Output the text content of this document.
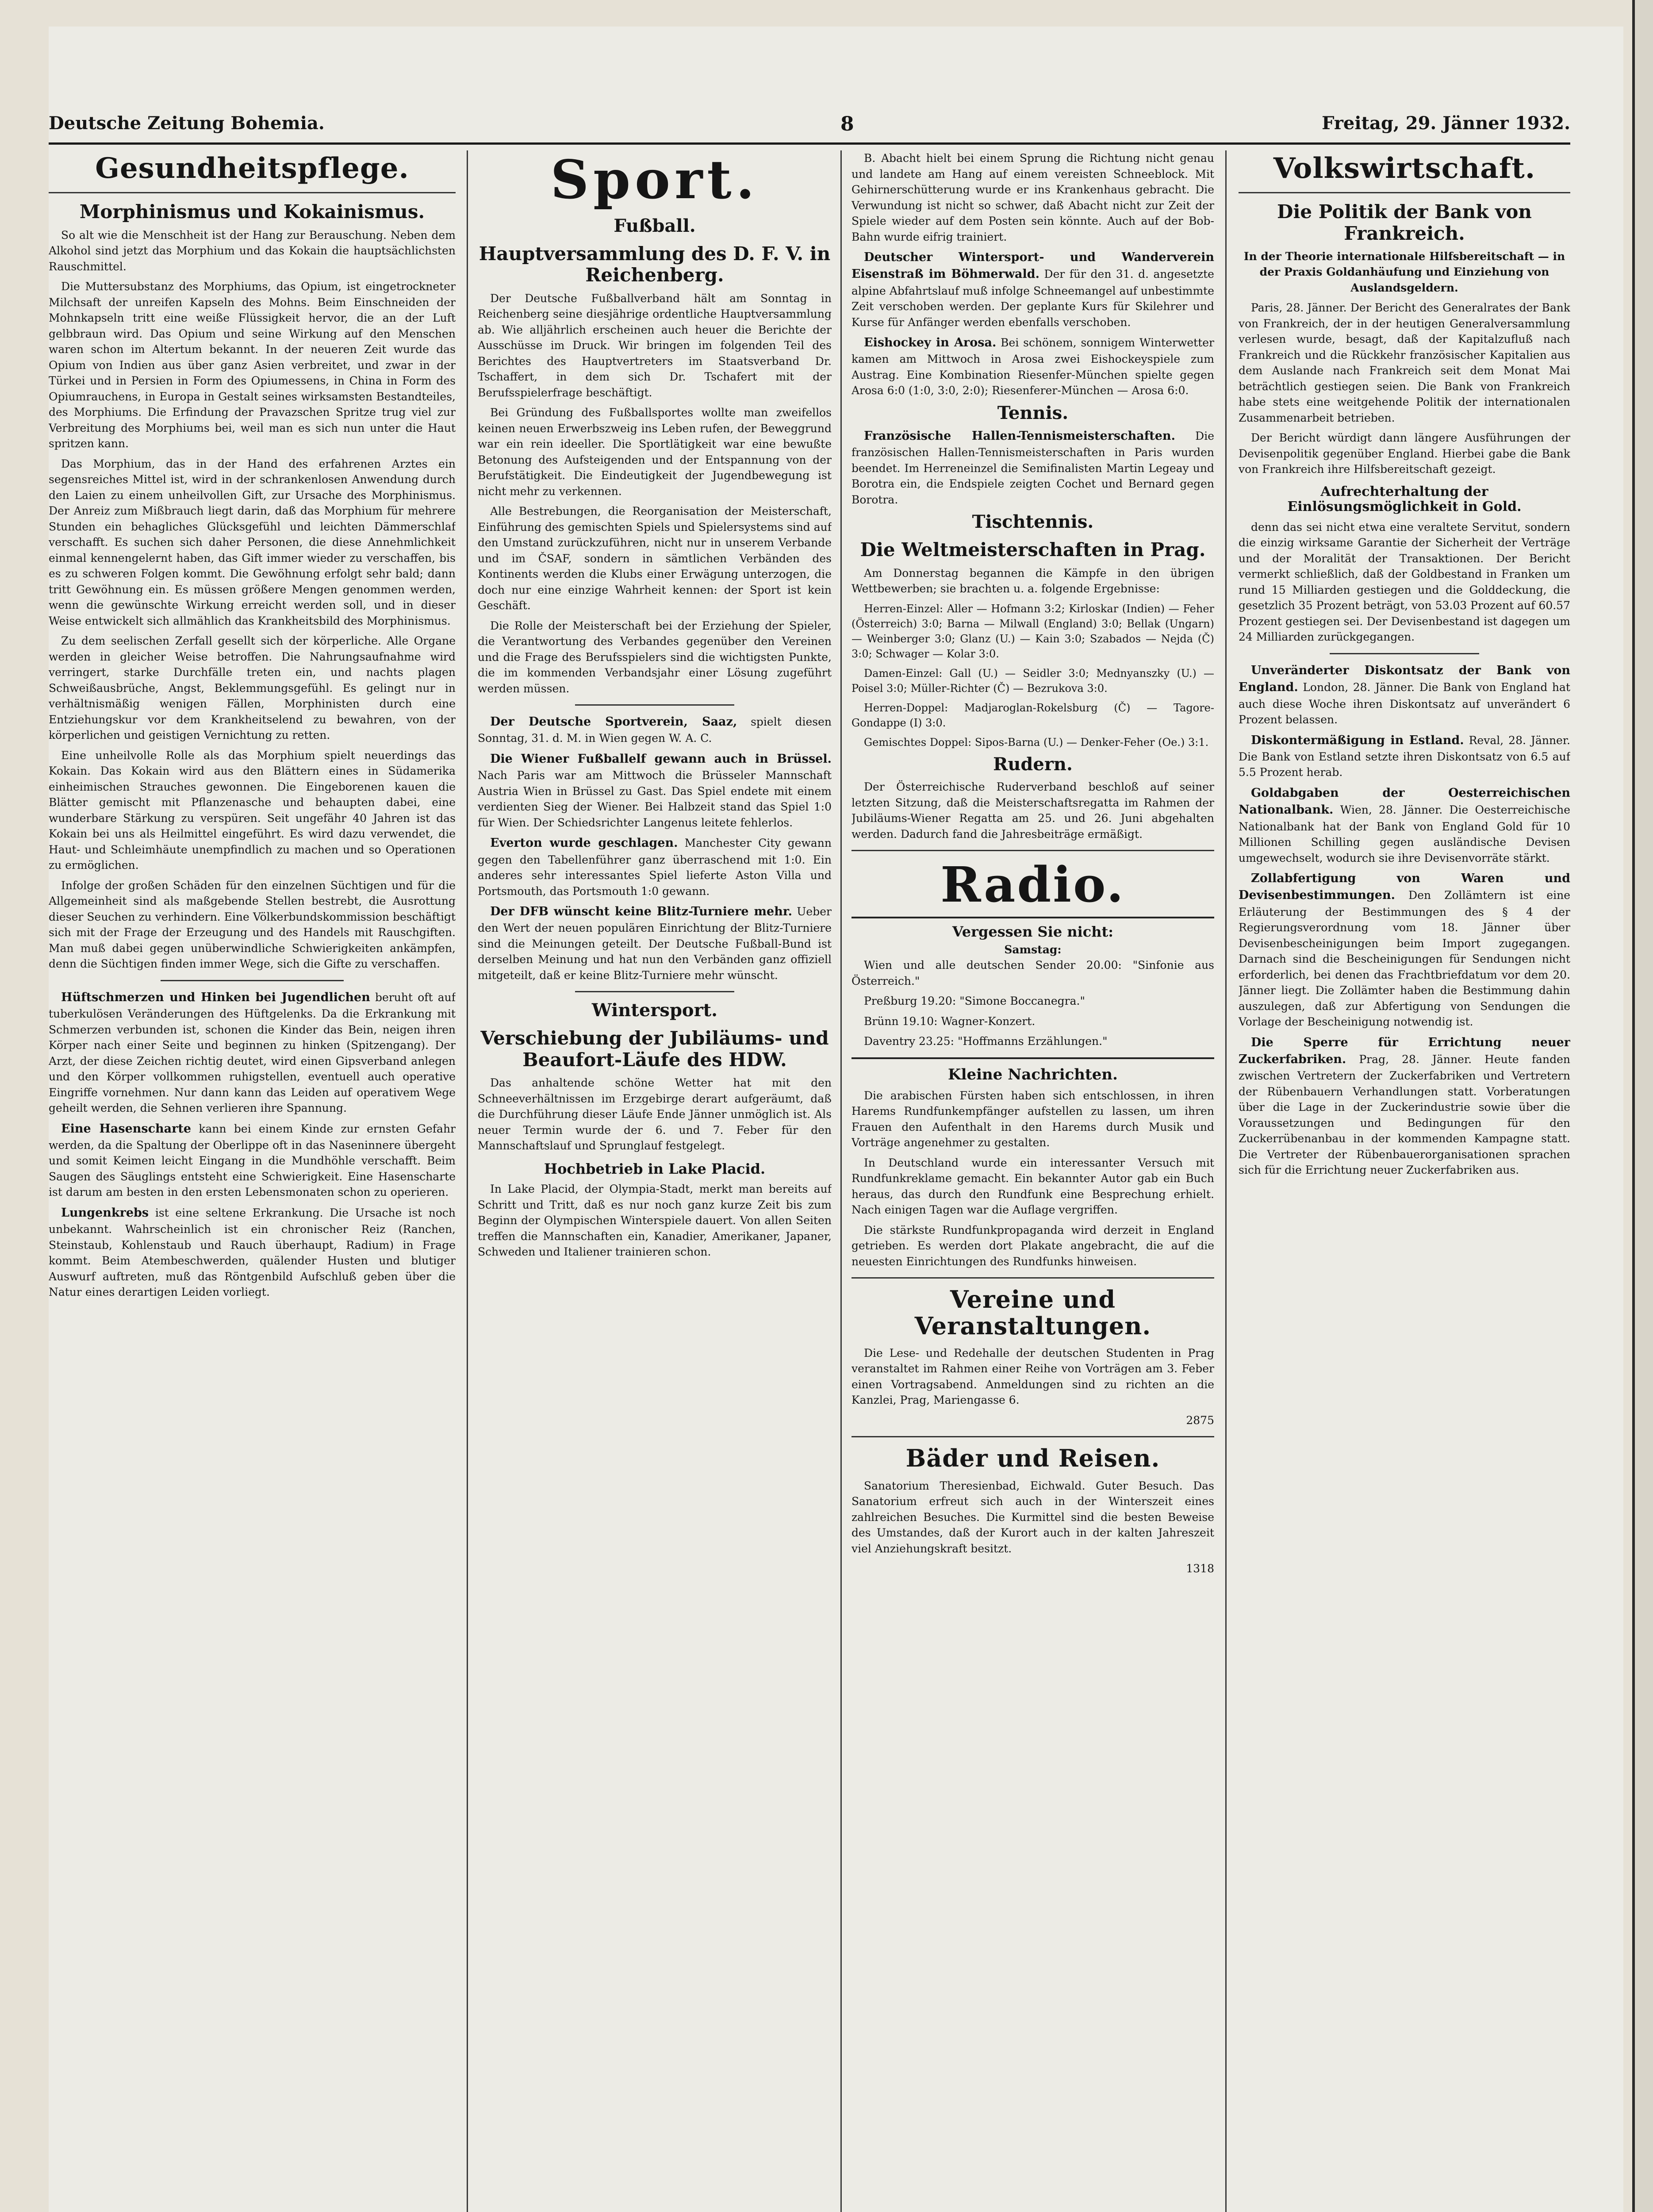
Deutsche Zeitung Bohemia.	8	Freitag, 29. Jänner 1932.
Gesundheitspflege.
Morphinismus und Kokainismus.

So alt wie die Menschheit ist der Hang zur Berauschung. Neben dem Alkohol sind jetzt das Morphium und das Kokain die hauptsächlichsten Rauschmittel.

Die Muttersubstanz des Morphiums, das Opium, ist eingetrockneter Milchsaft der unreifen Kapseln des Mohns. Beim Einschneiden der Mohnkapseln tritt eine weiße Flüssigkeit hervor, die an der Luft gelbbraun wird. Das Opium und seine Wirkung auf den Menschen waren schon im Altertum bekannt. In der neueren Zeit wurde das Opium von Indien aus über ganz Asien verbreitet, und zwar in der Türkei und in Persien in Form des Opiumessens, in China in Form des Opiumrauchens, in Europa in Gestalt seines wirksamsten Bestandteiles, des Morphiums. Die Erfindung der Pravazschen Spritze trug viel zur Verbreitung des Morphiums bei, weil man es sich nun unter die Haut spritzen kann.

Das Morphium, das in der Hand des erfahrenen Arztes ein segensreiches Mittel ist, wird in der schrankenlosen Anwendung durch den Laien zu einem unheilvollen Gift, zur Ursache des Morphinismus. Der Anreiz zum Mißbrauch liegt darin, daß das Morphium für mehrere Stunden ein behagliches Glücksgefühl und leichten Dämmerschlaf verschafft. Es suchen sich daher Personen, die diese Annehmlichkeit einmal kennengelernt haben, das Gift immer wieder zu verschaffen, bis es zu schweren Folgen kommt. Die Gewöhnung erfolgt sehr bald; dann tritt Gewöhnung ein. Es müssen größere Mengen genommen werden, wenn die gewünschte Wirkung erreicht werden soll, und in dieser Weise entwickelt sich allmählich das Krankheitsbild des Morphinismus.

Zu dem seelischen Zerfall gesellt sich der körperliche. Alle Organe werden in gleicher Weise betroffen. Die Nahrungsaufnahme wird verringert, starke Durchfälle treten ein, und nachts plagen Schweißausbrüche, Angst, Beklemmungsgefühl. Es gelingt nur in verhältnismäßig wenigen Fällen, Morphinisten durch eine Entziehungskur vor dem Krankheitselend zu bewahren, von der körperlichen und geistigen Vernichtung zu retten.

Eine unheilvolle Rolle als das Morphium spielt neuerdings das Kokain. Das Kokain wird aus den Blättern eines in Südamerika einheimischen Strauches gewonnen. Die Eingeborenen kauen die Blätter gemischt mit Pflanzenasche und behaupten dabei, eine wunderbare Stärkung zu verspüren. Seit ungefähr 40 Jahren ist das Kokain bei uns als Heilmittel eingeführt. Es wird dazu verwendet, die Haut- und Schleimhäute unempfindlich zu machen und so Operationen zu ermöglichen.

Infolge der großen Schäden für den einzelnen Süchtigen und für die Allgemeinheit sind als maßgebende Stellen bestrebt, die Ausrottung dieser Seuchen zu verhindern. Eine Völkerbundskommission beschäftigt sich mit der Frage der Erzeugung und des Handels mit Rauschgiften. Man muß dabei gegen unüberwindliche Schwierigkeiten ankämpfen, denn die Süchtigen finden immer Wege, sich die Gifte zu verschaffen.

Hüftschmerzen und Hinken bei Jugendlichen beruht oft auf tuberkulösen Veränderungen des Hüftgelenks. Da die Erkrankung mit Schmerzen verbunden ist, schonen die Kinder das Bein, neigen ihren Körper nach einer Seite und beginnen zu hinken (Spitzengang). Der Arzt, der diese Zeichen richtig deutet, wird einen Gipsverband anlegen und den Körper vollkommen ruhigstellen, eventuell auch operative Eingriffe vornehmen. Nur dann kann das Leiden auf operativem Wege geheilt werden, die Sehnen verlieren ihre Spannung.

Eine Hasenscharte kann bei einem Kinde zur ernsten Gefahr werden, da die Spaltung der Oberlippe oft in das Naseninnere übergeht und somit Keimen leicht Eingang in die Mundhöhle verschafft. Beim Saugen des Säuglings entsteht eine Schwierigkeit. Eine Hasenscharte ist darum am besten in den ersten Lebensmonaten schon zu operieren.

Lungenkrebs ist eine seltene Erkrankung. Die Ursache ist noch unbekannt. Wahrscheinlich ist ein chronischer Reiz (Ranchen, Steinstaub, Kohlenstaub und Rauch überhaupt, Radium) in Frage kommt. Beim Atembeschwerden, quälender Husten und blutiger Auswurf auftreten, muß das Röntgenbild Aufschluß geben über die Natur eines derartigen Leiden vorliegt.

Sport.
Fußball.
Hauptversammlung des D. F. V. in Reichenberg.

Der Deutsche Fußballverband hält am Sonntag in Reichenberg seine diesjährige ordentliche Hauptversammlung ab. Wie alljährlich erscheinen auch heuer die Berichte der Ausschüsse im Druck. Wir bringen im folgenden Teil des Berichtes des Hauptvertreters im Staatsverband Dr. Tschaffert, in dem sich Dr. Tschafert mit der Berufsspielerfrage beschäftigt.

Bei Gründung des Fußballsportes wollte man zweifellos keinen neuen Erwerbszweig ins Leben rufen, der Beweggrund war ein rein ideeller. Die Sportlätigkeit war eine bewußte Betonung des Aufsteigenden und der Entspannung von der Berufstätigkeit. Die Eindeutigkeit der Jugendbewegung ist nicht mehr zu verkennen.

Alle Bestrebungen, die Reorganisation der Meisterschaft, Einführung des gemischten Spiels und Spielersystems sind auf den Umstand zurückzuführen, nicht nur in unserem Verbande und im ČSAF, sondern in sämtlichen Verbänden des Kontinents werden die Klubs einer Erwägung unterzogen, die doch nur eine einzige Wahrheit kennen: der Sport ist kein Geschäft.

Die Rolle der Meisterschaft bei der Erziehung der Spieler, die Verantwortung des Verbandes gegenüber den Vereinen und die Frage des Berufsspielers sind die wichtigsten Punkte, die im kommenden Verbandsjahr einer Lösung zugeführt werden müssen.

Der Deutsche Sportverein, Saaz, spielt diesen Sonntag, 31. d. M. in Wien gegen W. A. C.

Die Wiener Fußballelf gewann auch in Brüssel. Nach Paris war am Mittwoch die Brüsseler Mannschaft Austria Wien in Brüssel zu Gast. Das Spiel endete mit einem verdienten Sieg der Wiener. Bei Halbzeit stand das Spiel 1:0 für Wien. Der Schiedsrichter Langenus leitete fehlerlos.

Everton wurde geschlagen. Manchester City gewann gegen den Tabellenführer ganz überraschend mit 1:0. Ein anderes sehr interessantes Spiel lieferte Aston Villa und Portsmouth, das Portsmouth 1:0 gewann.

Der DFB wünscht keine Blitz-Turniere mehr. Ueber den Wert der neuen populären Einrichtung der Blitz-Turniere sind die Meinungen geteilt. Der Deutsche Fußball-Bund ist derselben Meinung und hat nun den Verbänden ganz offiziell mitgeteilt, daß er keine Blitz-Turniere mehr wünscht.

Wintersport.
Verschiebung der Jubiläums- und Beaufort-Läufe des HDW.

Das anhaltende schöne Wetter hat mit den Schneeverhältnissen im Erzgebirge derart aufgeräumt, daß die Durchführung dieser Läufe Ende Jänner unmöglich ist. Als neuer Termin wurde der 6. und 7. Feber für den Mannschaftslauf und Sprunglauf festgelegt.

Hochbetrieb in Lake Placid.

In Lake Placid, der Olympia-Stadt, merkt man bereits auf Schritt und Tritt, daß es nur noch ganz kurze Zeit bis zum Beginn der Olympischen Winterspiele dauert. Von allen Seiten treffen die Mannschaften ein, Kanadier, Amerikaner, Japaner, Schweden und Italiener trainieren schon.

B. Abacht hielt bei einem Sprung die Richtung nicht genau und landete am Hang auf einem vereisten Schneeblock. Mit Gehirnerschütterung wurde er ins Krankenhaus gebracht. Die Verwundung ist nicht so schwer, daß Abacht nicht zur Zeit der Spiele wieder auf dem Posten sein könnte. Auch auf der Bob-Bahn wurde eifrig trainiert.

Deutscher Wintersport- und Wanderverein Eisenstraß im Böhmerwald. Der für den 31. d. angesetzte alpine Abfahrtslauf muß infolge Schneemangel auf unbestimmte Zeit verschoben werden. Der geplante Kurs für Skilehrer und Kurse für Anfänger werden ebenfalls verschoben.

Eishockey in Arosa. Bei schönem, sonnigem Winterwetter kamen am Mittwoch in Arosa zwei Eishockeyspiele zum Austrag. Eine Kombination Riesenfer-München spielte gegen Arosa 6:0 (1:0, 3:0, 2:0); Riesenferer-München — Arosa 6:0.

Tennis.

Französische Hallen-Tennismeisterschaften. Die französischen Hallen-Tennismeisterschaften in Paris wurden beendet. Im Herreneinzel die Semifinalisten Martin Legeay und Borotra ein, die Endspiele zeigten Cochet und Bernard gegen Borotra.

Tischtennis.
Die Weltmeisterschaften in Prag.

Am Donnerstag begannen die Kämpfe in den übrigen Wettbewerben; sie brachten u. a. folgende Ergebnisse:

Herren-Einzel: Aller — Hofmann 3:2; Kirloskar (Indien) — Feher (Österreich) 3:0; Barna — Milwall (England) 3:0; Bellak (Ungarn) — Weinberger 3:0; Glanz (U.) — Kain 3:0; Szabados — Nejda (Č) 3:0; Schwager — Kolar 3:0.

Damen-Einzel: Gall (U.) — Seidler 3:0; Mednyanszky (U.) — Poisel 3:0; Müller-Richter (Č) — Bezrukova 3:0.

Herren-Doppel: Madjaroglan-Rokelsburg (Č) — Tagore-Gondappe (I) 3:0.

Gemischtes Doppel: Sipos-Barna (U.) — Denker-Feher (Oe.) 3:1.

Rudern.

Der Österreichische Ruderverband beschloß auf seiner letzten Sitzung, daß die Meisterschaftsregatta im Rahmen der Jubiläums-Wiener Regatta am 25. und 26. Juni abgehalten werden. Dadurch fand die Jahresbeiträge ermäßigt.

Radio.
Vergessen Sie nicht:
Samstag:

Wien und alle deutschen Sender 20.00: "Sinfonie aus Österreich."

Preßburg 19.20: "Simone Boccanegra."

Brünn 19.10: Wagner-Konzert.

Daventry 23.25: "Hoffmanns Erzählungen."

Kleine Nachrichten.

Die arabischen Fürsten haben sich entschlossen, in ihren Harems Rundfunkempfänger aufstellen zu lassen, um ihren Frauen den Aufenthalt in den Harems durch Musik und Vorträge angenehmer zu gestalten.

In Deutschland wurde ein interessanter Versuch mit Rundfunkreklame gemacht. Ein bekannter Autor gab ein Buch heraus, das durch den Rundfunk eine Besprechung erhielt. Nach einigen Tagen war die Auflage vergriffen.

Die stärkste Rundfunkpropaganda wird derzeit in England getrieben. Es werden dort Plakate angebracht, die auf die neuesten Einrichtungen des Rundfunks hinweisen.

Vereine und Veranstaltungen.

Die Lese- und Redehalle der deutschen Studenten in Prag veranstaltet im Rahmen einer Reihe von Vorträgen am 3. Feber einen Vortragsabend. Anmeldungen sind zu richten an die Kanzlei, Prag, Mariengasse 6.

2875

Bäder und Reisen.

Sanatorium Theresienbad, Eichwald. Guter Besuch. Das Sanatorium erfreut sich auch in der Winterszeit eines zahlreichen Besuches. Die Kurmittel sind die besten Beweise des Umstandes, daß der Kurort auch in der kalten Jahreszeit viel Anziehungskraft besitzt.

1318

Volkswirtschaft.
Die Politik der Bank von Frankreich.

In der Theorie internationale Hilfsbereitschaft — in der Praxis Goldanhäufung und Einziehung von Auslandsgeldern.

Paris, 28. Jänner. Der Bericht des Generalrates der Bank von Frankreich, der in der heutigen Generalversammlung verlesen wurde, besagt, daß der Kapitalzufluß nach Frankreich und die Rückkehr französischer Kapitalien aus dem Auslande nach Frankreich seit dem Monat Mai beträchtlich gestiegen seien. Die Bank von Frankreich habe stets eine weitgehende Politik der internationalen Zusammenarbeit betrieben.

Der Bericht würdigt dann längere Ausführungen der Devisenpolitik gegenüber England. Hierbei gabe die Bank von Frankreich ihre Hilfsbereitschaft gezeigt.

Aufrechterhaltung der Einlösungsmöglichkeit in Gold.

denn das sei nicht etwa eine veraltete Servitut, sondern die einzig wirksame Garantie der Sicherheit der Verträge und der Moralität der Transaktionen. Der Bericht vermerkt schließlich, daß der Goldbestand in Franken um rund 15 Milliarden gestiegen und die Golddeckung, die gesetzlich 35 Prozent beträgt, von 53.03 Prozent auf 60.57 Prozent gestiegen sei. Der Devisenbestand ist dagegen um 24 Milliarden zurückgegangen.

Unveränderter Diskontsatz der Bank von England. London, 28. Jänner. Die Bank von England hat auch diese Woche ihren Diskontsatz auf unverändert 6 Prozent belassen.

Diskontermäßigung in Estland. Reval, 28. Jänner. Die Bank von Estland setzte ihren Diskontsatz von 6.5 auf 5.5 Prozent herab.

Goldabgaben der Oesterreichischen Nationalbank. Wien, 28. Jänner. Die Oesterreichische Nationalbank hat der Bank von England Gold für 10 Millionen Schilling gegen ausländische Devisen umgewechselt, wodurch sie ihre Devisenvorräte stärkt.

Zollabfertigung von Waren und Devisenbestimmungen. Den Zollämtern ist eine Erläuterung der Bestimmungen des § 4 der Regierungsverordnung vom 18. Jänner über Devisenbescheinigungen beim Import zugegangen. Darnach sind die Bescheinigungen für Sendungen nicht erforderlich, bei denen das Frachtbriefdatum vor dem 20. Jänner liegt. Die Zollämter haben die Bestimmung dahin auszulegen, daß zur Abfertigung von Sendungen die Vorlage der Bescheinigung notwendig ist.

Die Sperre für Errichtung neuer Zuckerfabriken. Prag, 28. Jänner. Heute fanden zwischen Vertretern der Zuckerfabriken und Vertretern der Rübenbauern Verhandlungen statt. Vorberatungen über die Lage in der Zuckerindustrie sowie über die Voraussetzungen und Bedingungen für den Zuckerrübenanbau in der kommenden Kampagne statt. Die Vertreter der Rübenbauerorganisationen sprachen sich für die Errichtung neuer Zuckerfabriken aus.
